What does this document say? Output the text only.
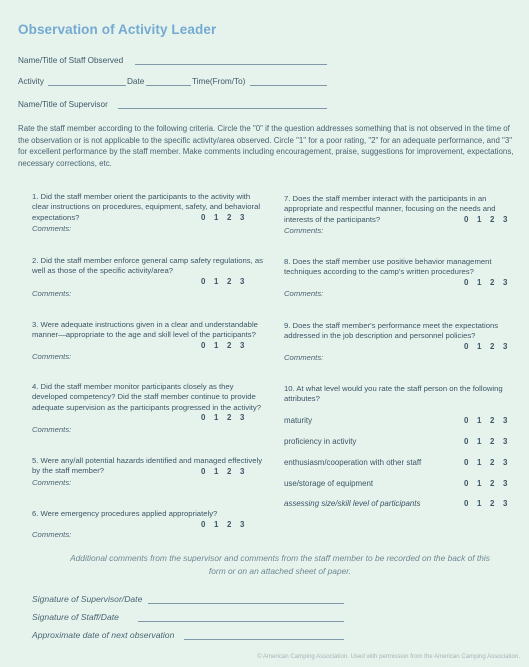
Observation of Activity Leader
Name/Title of Staff Observed
Activity	Date	Time(From/To)
Name/Title of Supervisor
Rate the staff member according to the following criteria. Circle the "0" if the question addresses something that is not observed in the time of the observation or is not applicable to the specific activity/area observed. Circle "1" for a poor rating, "2" for an adequate performance, and "3" for excellent performance by the staff member. Make comments including encouragement, praise, suggestions for improvement, expectations, necessary corrections, etc.
1. Did the staff member orient the participants to the activity with clear instructions on procedures, equipment, safety, and behavioral expectations?	0 1 2 3
Comments:
2. Did the staff member enforce general camp safety regulations, as well as those of the specific activity/area?
0 1 2 3
Comments:
3. Were adequate instructions given in a clear and understandable manner—appropriate to the age and skill level of the participants?
0 1 2 3
Comments:
4. Did the staff member monitor participants closely as they developed competency? Did the staff member continue to provide adequate supervision as the participants progressed in the activity?
0 1 2 3
Comments:
5. Were any/all potential hazards identified and managed effectively by the staff member?	0 1 2 3
Comments:
6. Were emergency procedures applied appropriately?
0 1 2 3
Comments:
7. Does the staff member interact with the participants in an appropriate and respectful manner, focusing on the needs and interests of the participants?	0 1 2 3
Comments:
8. Does the staff member use positive behavior management techniques according to the camp's written procedures?
0 1 2 3
Comments:
9. Does the staff member's performance meet the expectations addressed in the job description and personnel policies?
0 1 2 3
Comments:
10. At what level would you rate the staff person on the following attributes?
maturity	0 1 2 3
proficiency in activity	0 1 2 3
enthusiasm/cooperation with other staff	0 1 2 3
use/storage of equipment	0 1 2 3
assessing size/skill level of participants	0 1 2 3
Additional comments from the supervisor and comments from the staff member to be recorded on the back of this form or on an attached sheet of paper.
Signature of Supervisor/Date
Signature of Staff/Date
Approximate date of next observation
© American Camping Association. Used with permission from the American Camping Association.
